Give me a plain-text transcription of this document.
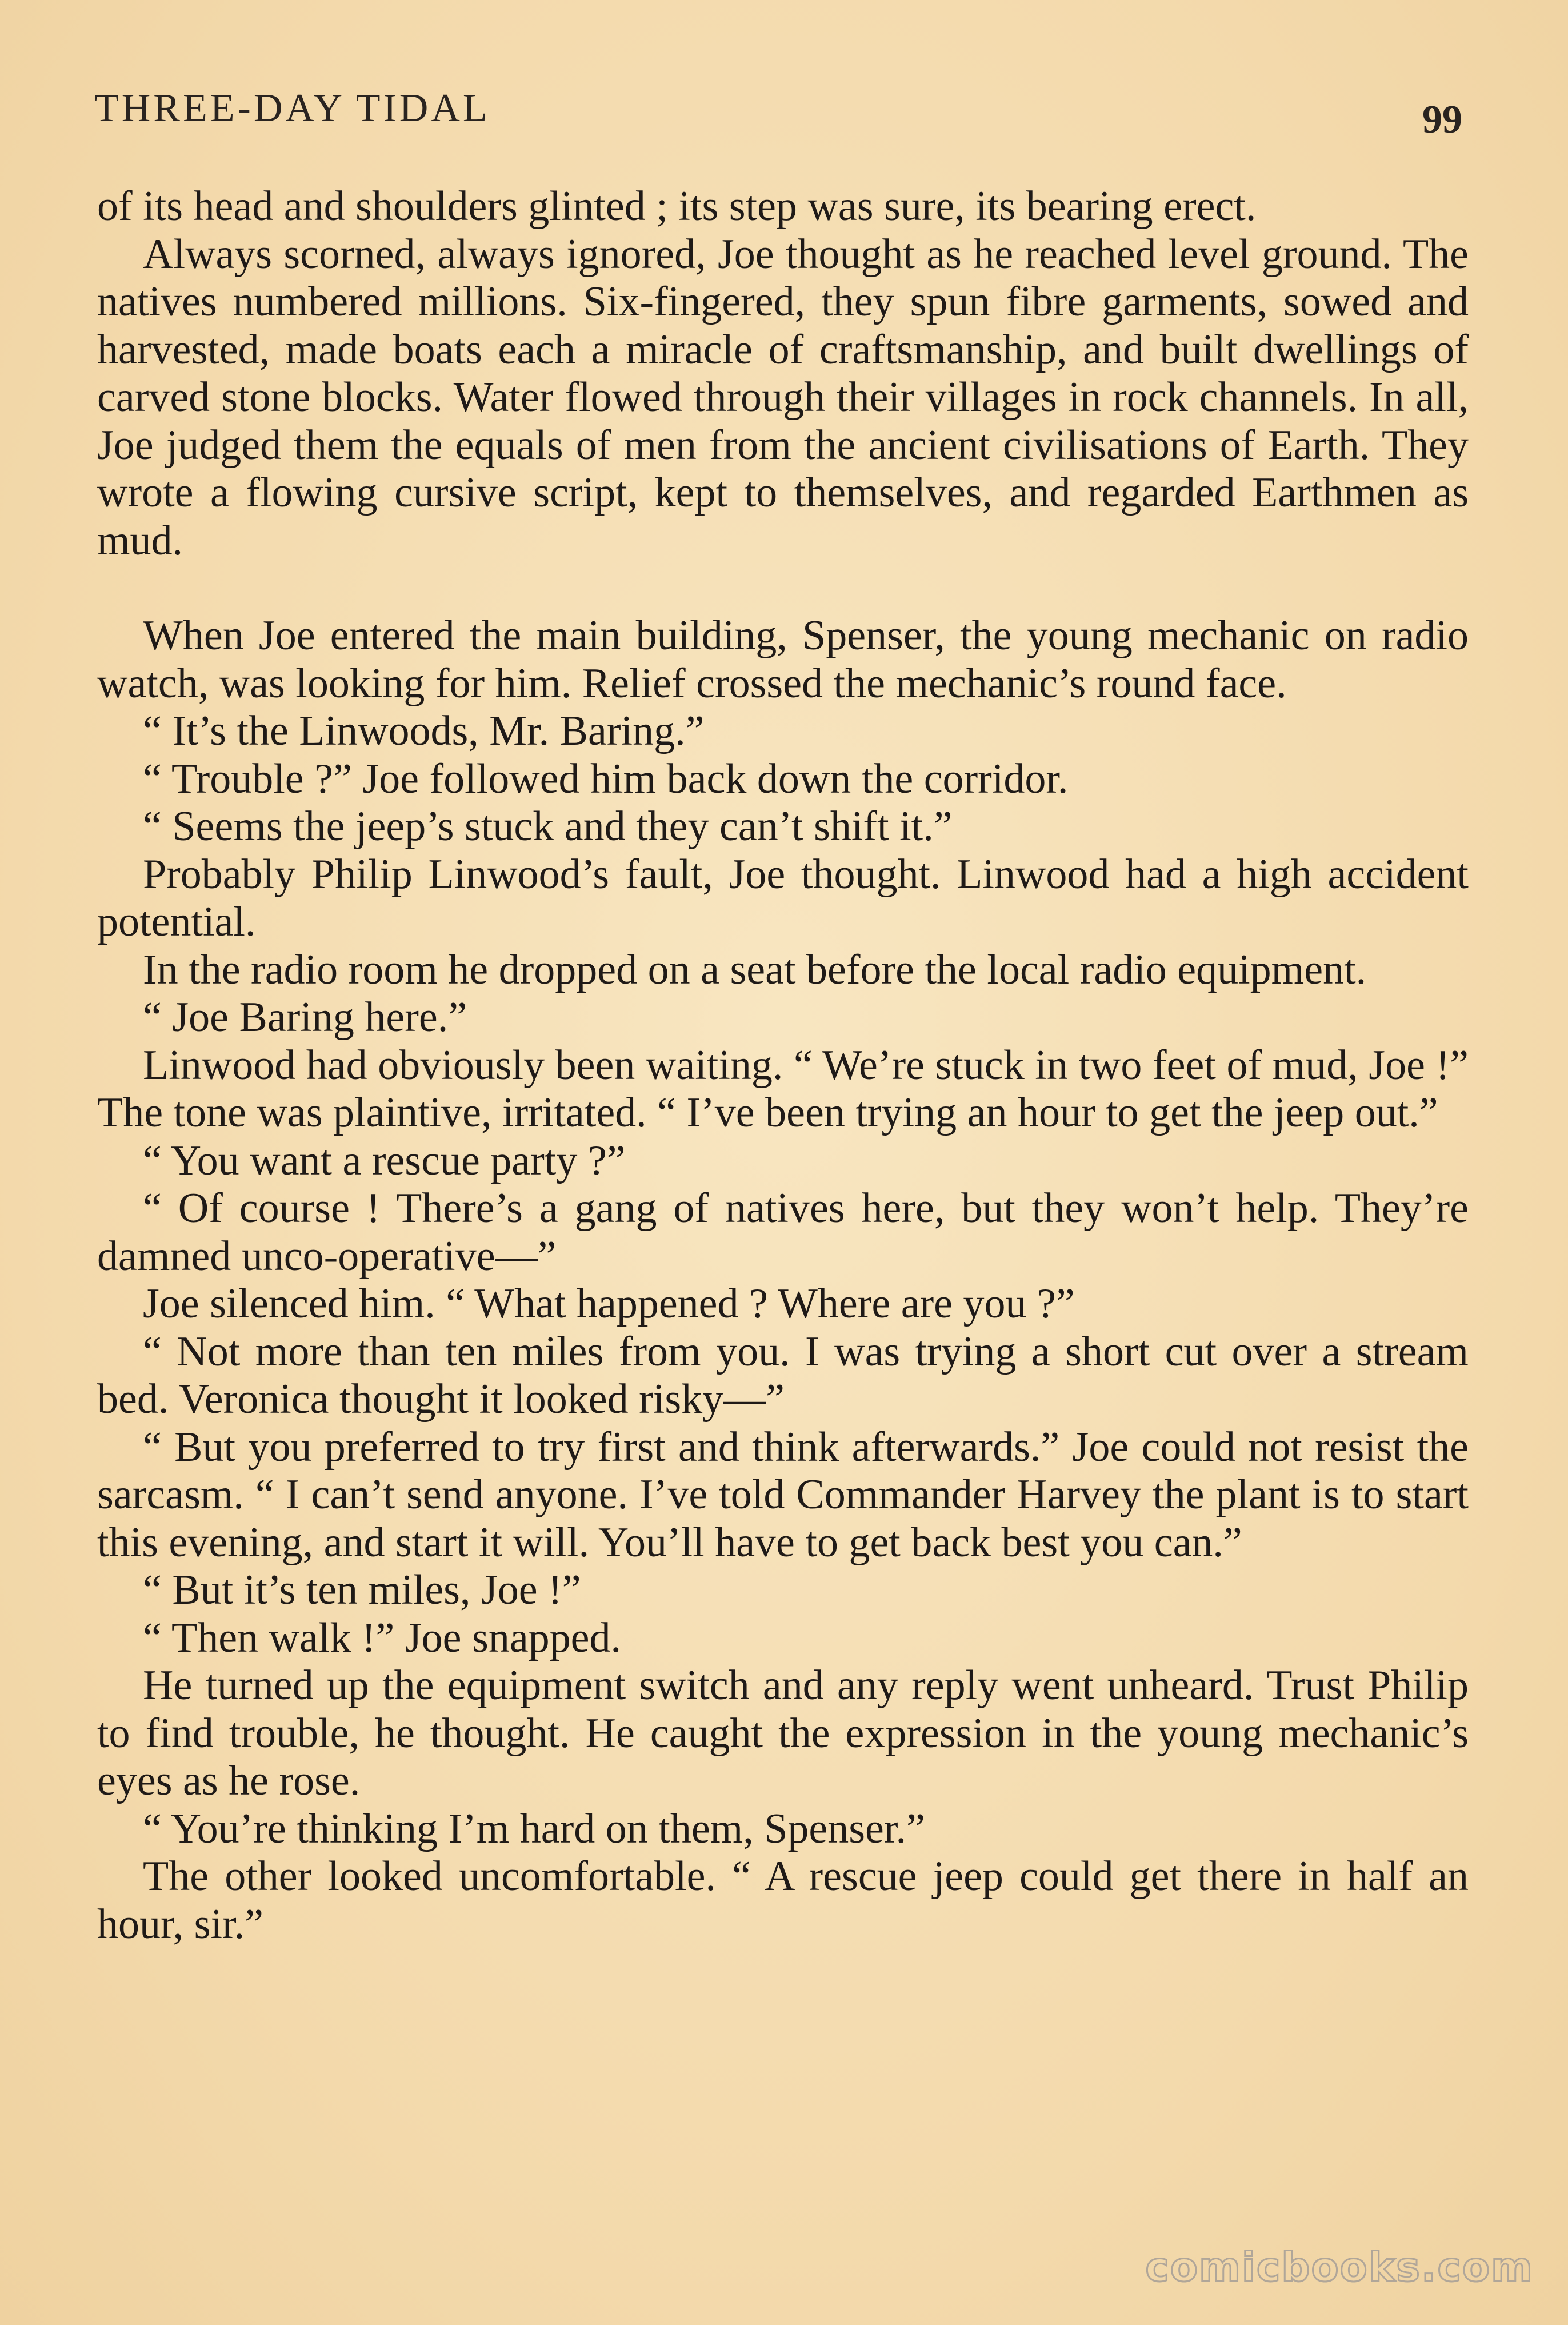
THREE-DAY TIDAL	99

of its head and shoulders glinted ; its step was sure, its bearing erect.

Always scorned, always ignored, Joe thought as he reached level ground. The natives numbered millions. Six-fingered, they spun fibre garments, sowed and harvested, made boats each a miracle of craftsmanship, and built dwellings of carved stone blocks. Water flowed through their villages in rock channels. In all, Joe judged them the equals of men from the ancient civilisations of Earth. They wrote a flowing cursive script, kept to themselves, and regarded Earthmen as mud.

When Joe entered the main building, Spenser, the young mechanic on radio watch, was looking for him. Relief crossed the mechanic’s round face.

“ It’s the Linwoods, Mr. Baring.”

“ Trouble ?” Joe followed him back down the corridor.

“ Seems the jeep’s stuck and they can’t shift it.”

Probably Philip Linwood’s fault, Joe thought. Linwood had a high accident potential.

In the radio room he dropped on a seat before the local radio equipment.

“ Joe Baring here.”

Linwood had obviously been waiting. “ We’re stuck in two feet of mud, Joe !” The tone was plaintive, irritated. “ I’ve been trying an hour to get the jeep out.”

“ You want a rescue party ?”

“ Of course ! There’s a gang of natives here, but they won’t help. They’re damned unco-operative—”

Joe silenced him. “ What happened ? Where are you ?”

“ Not more than ten miles from you. I was trying a short cut over a stream bed. Veronica thought it looked risky—”

“ But you preferred to try first and think afterwards.” Joe could not resist the sarcasm. “ I can’t send anyone. I’ve told Commander Harvey the plant is to start this evening, and start it will. You’ll have to get back best you can.”

“ But it’s ten miles, Joe !”

“ Then walk !” Joe snapped.

He turned up the equipment switch and any reply went unheard. Trust Philip to find trouble, he thought. He caught the expression in the young mechanic’s eyes as he rose.

“ You’re thinking I’m hard on them, Spenser.”

The other looked uncomfortable. “ A rescue jeep could get there in half an hour, sir.”

comicbooks.com
